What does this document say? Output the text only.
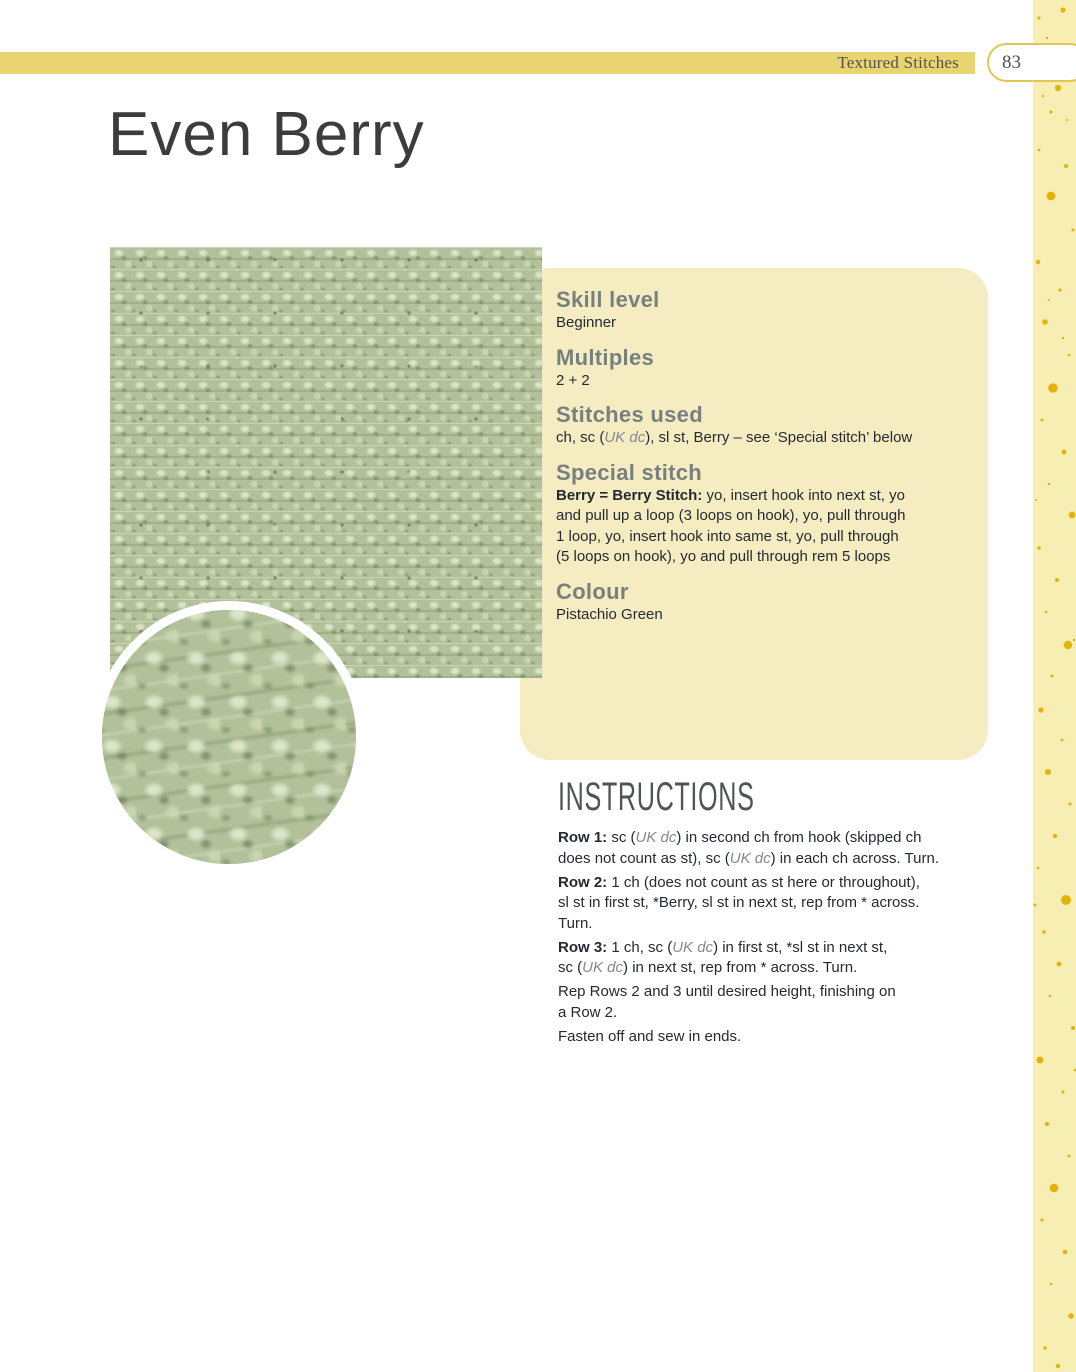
Textured Stitches	83
Even Berry
Skill level
Beginner
Multiples
2 + 2
Stitches used
ch, sc (UK dc), sl st, Berry – see ‘Special stitch’ below
Special stitch
Berry = Berry Stitch: yo, insert hook into next st, yo
and pull up a loop (3 loops on hook), yo, pull through
1 loop, yo, insert hook into same st, yo, pull through
(5 loops on hook), yo and pull through rem 5 loops
Colour
Pistachio Green
INSTRUCTIONS
Row 1: sc (UK dc) in second ch from hook (skipped ch
does not count as st), sc (UK dc) in each ch across. Turn.
Row 2: 1 ch (does not count as st here or throughout),
sl st in first st, *Berry, sl st in next st, rep from * across.
Turn.
Row 3: 1 ch, sc (UK dc) in first st, *sl st in next st,
sc (UK dc) in next st, rep from * across. Turn.
Rep Rows 2 and 3 until desired height, finishing on
a Row 2.
Fasten off and sew in ends.
